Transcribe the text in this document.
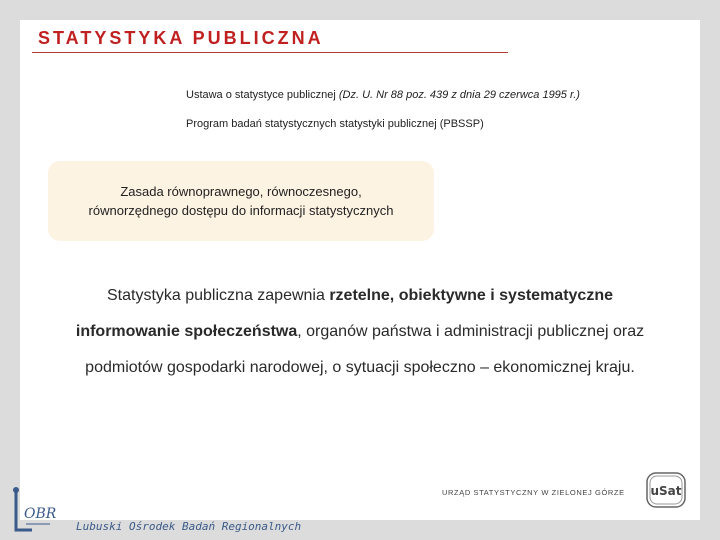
STATYSTYKA PUBLICZNA
Ustawa o statystyce publicznej (Dz. U. Nr 88 poz. 439 z dnia 29 czerwca 1995 r.)
Program badań statystycznych statystyki publicznej (PBSSP)
Zasada równoprawnego, równoczesnego,
równorzędnego dostępu do informacji statystycznych
Statystyka publiczna zapewnia rzetelne, obiektywne i systematyczne informowanie społeczeństwa, organów państwa i administracji publicznej oraz podmiotów gospodarki narodowej, o sytuacji społeczno – ekonomicznej kraju.
URZĄD STATYSTYCZNY W ZIELONEJ GÓRZE uSat
OBR
Lubuski Ośrodek Badań Regionalnych
